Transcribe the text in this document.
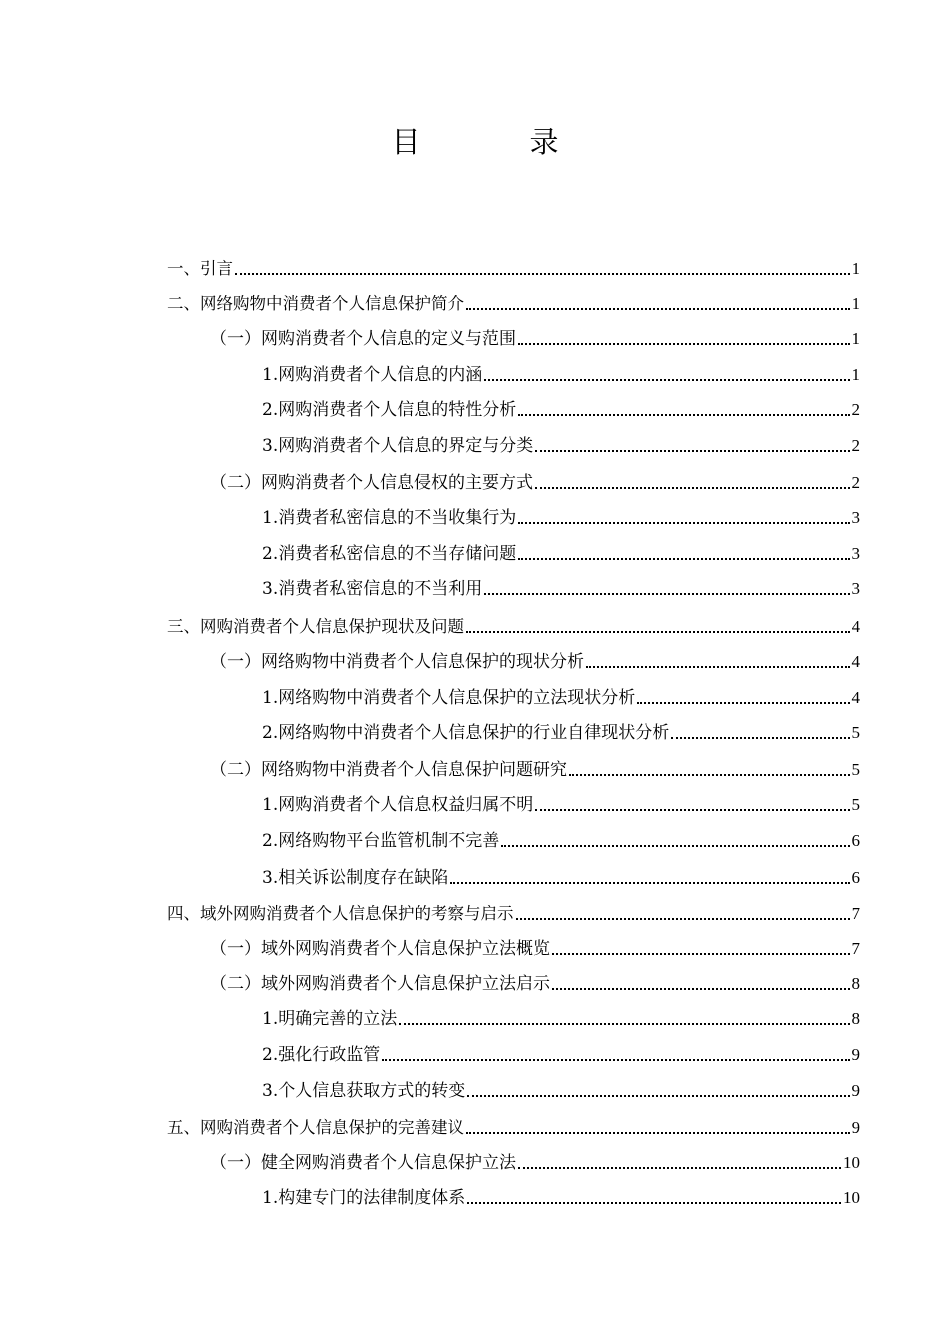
目　录
一、引言	1
二、网络购物中消费者个人信息保护简介	1
（一）网购消费者个人信息的定义与范围	1
1.网购消费者个人信息的内涵	1
2.网购消费者个人信息的特性分析	2
3.网购消费者个人信息的界定与分类	2
（二）网购消费者个人信息侵权的主要方式	2
1.消费者私密信息的不当收集行为	3
2.消费者私密信息的不当存储问题	3
3.消费者私密信息的不当利用	3
三、网购消费者个人信息保护现状及问题	4
（一）网络购物中消费者个人信息保护的现状分析	4
1.网络购物中消费者个人信息保护的立法现状分析	4
2.网络购物中消费者个人信息保护的行业自律现状分析	5
（二）网络购物中消费者个人信息保护问题研究	5
1.网购消费者个人信息权益归属不明	5
2.网络购物平台监管机制不完善	6
3.相关诉讼制度存在缺陷	6
四、域外网购消费者个人信息保护的考察与启示	7
（一）域外网购消费者个人信息保护立法概览	7
（二）域外网购消费者个人信息保护立法启示	8
1.明确完善的立法	8
2.强化行政监管	9
3.个人信息获取方式的转变	9
五、网购消费者个人信息保护的完善建议	9
（一）健全网购消费者个人信息保护立法	10
1.构建专门的法律制度体系	10
